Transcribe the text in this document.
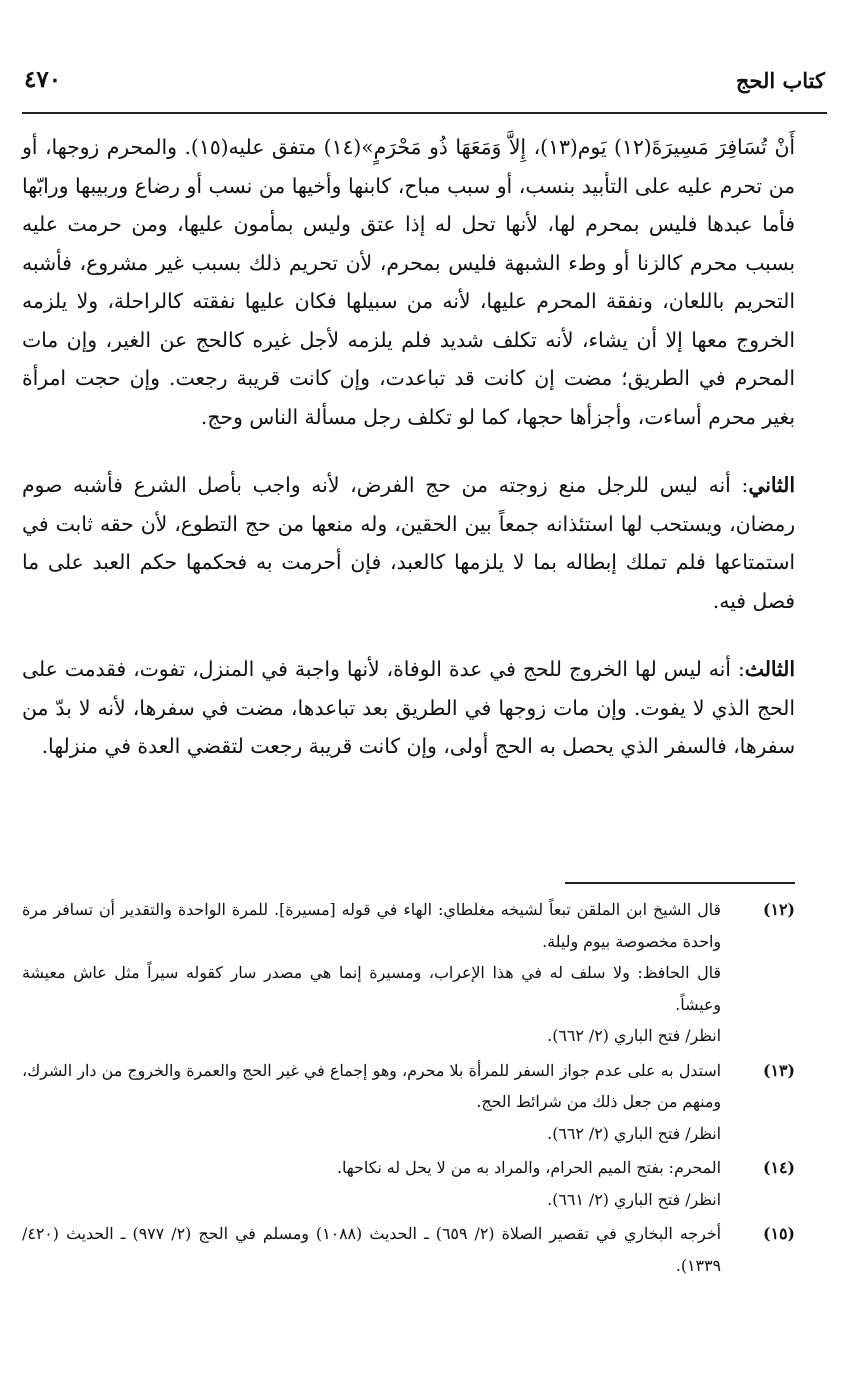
كتاب الحج
٤٧٠

أَنْ تُسَافِرَ مَسِيرَةَ(١٢) يَوم(١٣)، إِلاَّ وَمَعَهَا ذُو مَحْرَمٍ»(١٤) متفق عليه(١٥). والمحرم زوجها، أو من تحرم عليه على التأبيد بنسب، أو سبب مباح، كابنها وأخيها من نسب أو رضاع وربيبها ورابّها فأما عبدها فليس بمحرم لها، لأنها تحل له إذا عتق وليس بمأمون عليها، ومن حرمت عليه بسبب محرم كالزنا أو وطء الشبهة فليس بمحرم، لأن تحريم ذلك بسبب غير مشروع، فأشبه التحريم باللعان، ونفقة المحرم عليها، لأنه من سبيلها فكان عليها نفقته كالراحلة، ولا يلزمه الخروج معها إلا أن يشاء، لأنه تكلف شديد فلم يلزمه لأجل غيره كالحج عن الغير، وإن مات المحرم في الطريق؛ مضت إن كانت قد تباعدت، وإن كانت قريبة رجعت. وإن حجت امرأة بغير محرم أساءت، وأجزأها حجها، كما لو تكلف رجل مسألة الناس وحج.

الثاني: أنه ليس للرجل منع زوجته من حج الفرض، لأنه واجب بأصل الشرع فأشبه صوم رمضان، ويستحب لها استئذانه جمعاً بين الحقين، وله منعها من حج التطوع، لأن حقه ثابت في استمتاعها فلم تملك إبطاله بما لا يلزمها كالعبد، فإن أحرمت به فحكمها حكم العبد على ما فصل فيه.

الثالث: أنه ليس لها الخروج للحج في عدة الوفاة، لأنها واجبة في المنزل، تفوت، فقدمت على الحج الذي لا يفوت. وإن مات زوجها في الطريق بعد تباعدها، مضت في سفرها، لأنه لا بدّ من سفرها، فالسفر الذي يحصل به الحج أولى، وإن كانت قريبة رجعت لتقضي العدة في منزلها.

(١٢)
قال الشيخ ابن الملقن تبعاً لشيخه مغلطاي: الهاء في قوله [مسيرة]. للمرة الواحدة والتقدير أن تسافر مرة واحدة مخصوصة بيوم وليلة.
قال الحافظ: ولا سلف له في هذا الإعراب، ومسيرة إنما هي مصدر سار كقوله سيراً مثل عاش معيشة وعيشاً.
انظر/ فتح الباري (٢/ ٦٦٢).
(١٣)
استدل به على عدم جواز السفر للمرأة بلا محرم، وهو إجماع في غير الحج والعمرة والخروج من دار الشرك، ومنهم من جعل ذلك من شرائط الحج.
انظر/ فتح الباري (٢/ ٦٦٢).
(١٤)
المحرم: بفتح الميم الحرام، والمراد به من لا يحل له نكاحها.
انظر/ فتح الباري (٢/ ٦٦١).
(١٥)
أخرجه البخاري في تقصير الصلاة (٢/ ٦٥٩) ـ الحديث (١٠٨٨) ومسلم في الحج (٢/ ٩٧٧) ـ الحديث (٤٢٠/ ١٣٣٩).
